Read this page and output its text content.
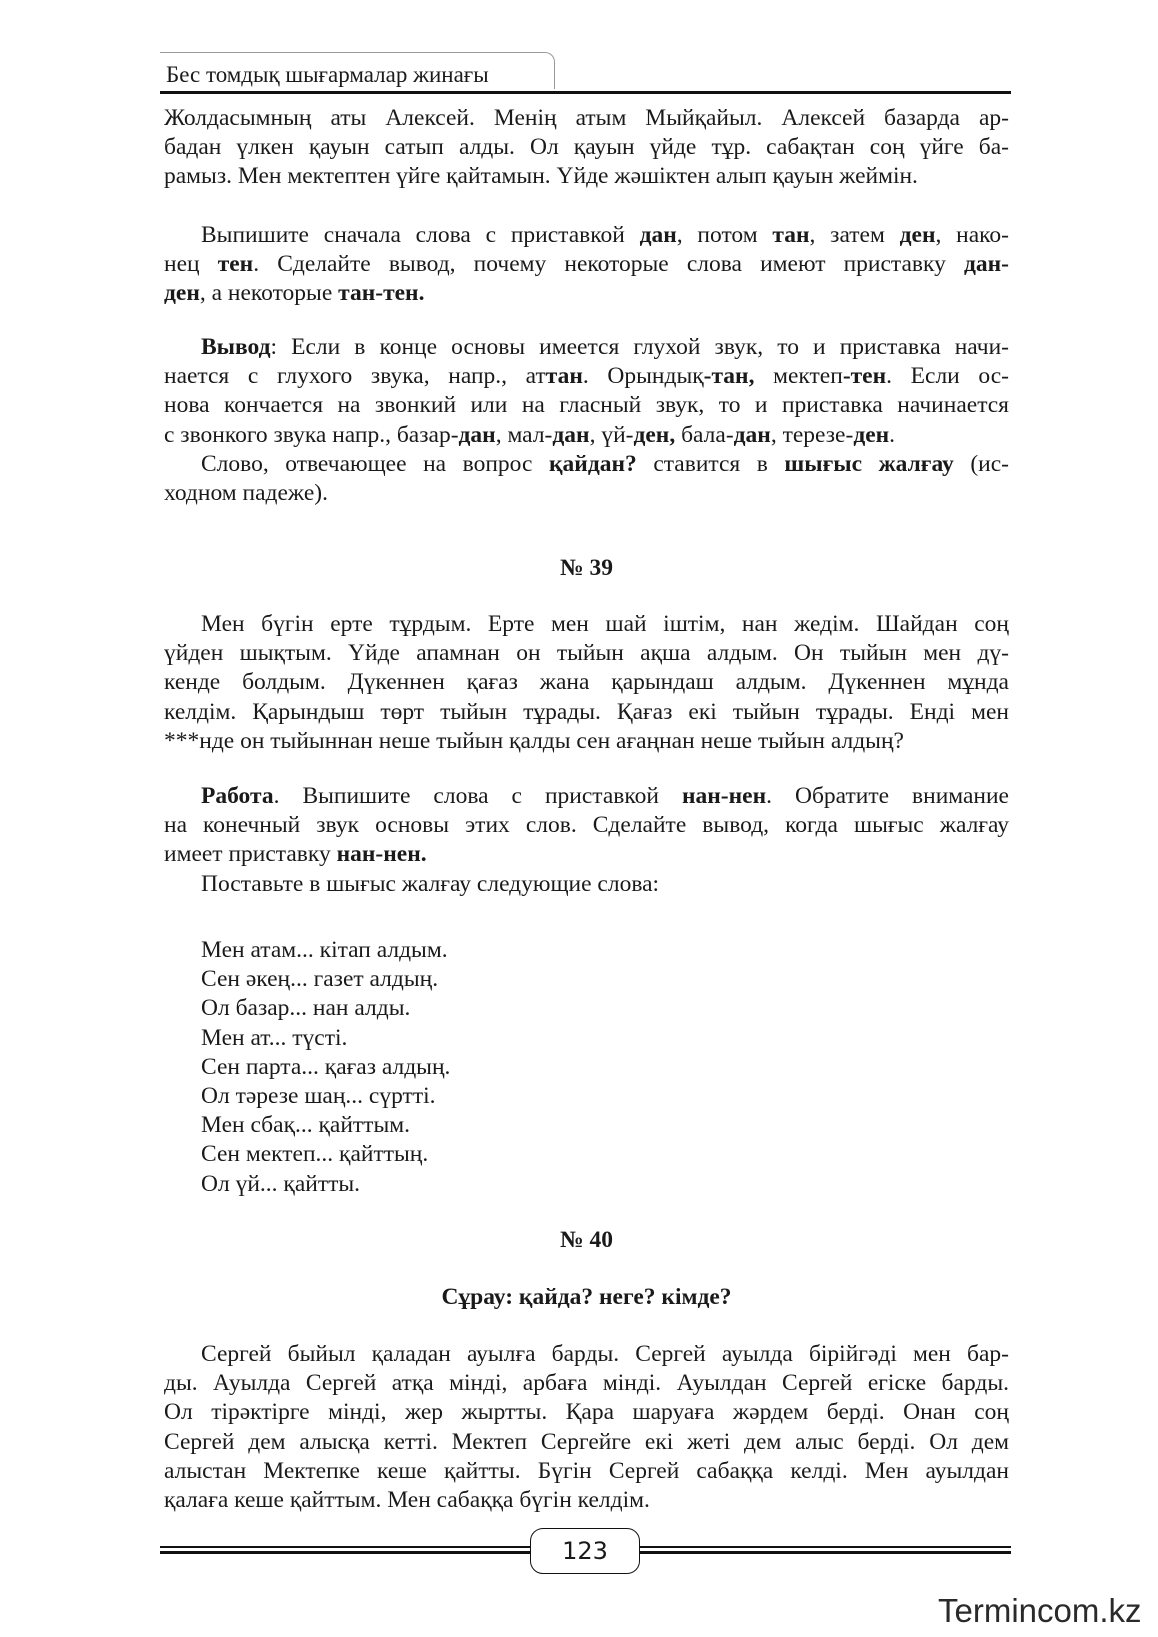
Бес томдық шығармалар жинағы

Жолдасымның аты Алексей. Менің атым Мыйқайыл. Алексей базарда ар-

бадан үлкен қауын сатып алды. Ол қауын үйде тұр. сабақтан соң үйге ба-

рамыз. Мен мектептен үйге қайтамын. Үйде жәшіктен алып қауын жеймін.

Выпишите сначала слова с приставкой дан, потом тан, затем ден, нако-

нец тен. Сделайте вывод, почему некоторые слова имеют приставку дан-

ден, а некоторые тан-тен.

Вывод: Если в конце основы имеется глухой звук, то и приставка начи-

нается с глухого звука, напр., аттан. Орындық-тан, мектеп-тен. Если ос-

нова кончается на звонкий или на гласный звук, то и приставка начинается

с звонкого звука напр., базар-дан, мал-дан, үй-ден, бала-дан, терезе-ден.

Слово, отвечающее на вопрос қайдан? ставится в шығыс жалғау (ис-

ходном падеже).

№ 39

Мен бүгін ерте тұрдым. Ерте мен шай іштім, нан жедім. Шайдан соң

үйден шықтым. Үйде апамнан он тыйын ақша алдым. Он тыйын мен дү-

кенде болдым. Дүкеннен қағаз жана қарындаш алдым. Дүкеннен мұнда

келдім. Қарындыш төрт тыйын тұрады. Қағаз екі тыйын тұрады. Енді мен

***нде он тыйыннан неше тыйын қалды сен ағаңнан неше тыйын алдың?

Работа. Выпишите слова с приставкой нан-нен. Обратите внимание

на конечный звук основы этих слов. Сделайте вывод, когда шығыс жалғау

имеет приставку нан-нен.

Поставьте в шығыс жалғау следующие слова:

Мен атам... кітап алдым.

Сен әкең... газет алдың.

Ол базар... нан алды.

Мен ат... түсті.

Сен парта... қағаз алдың.

Ол тәрезе шаң... сүртті.

Мен сбақ... қайттым.

Сен мектеп... қайттың.

Ол үй... қайтты.

№ 40
Сұрау: қайда? неге? кімде?

Сергей быйыл қаладан ауылға барды. Сергей ауылда бірійгәді мен бар-

ды. Ауылда Сергей атқа мінді, арбаға мінді. Ауылдан Сергей егіске барды.

Ол тірәктірге мінді, жер жыртты. Қара шаруаға жәрдем берді. Онан соң

Сергей дем алысқа кетті. Мектеп Сергейге екі жеті дем алыс берді. Ол дем

алыстан Мектепке кеше қайтты. Бүгін Сергей сабаққа келді. Мен ауылдан

қалаға кеше қайттым. Мен сабаққа бүгін келдім.

123
Termincom.kz
